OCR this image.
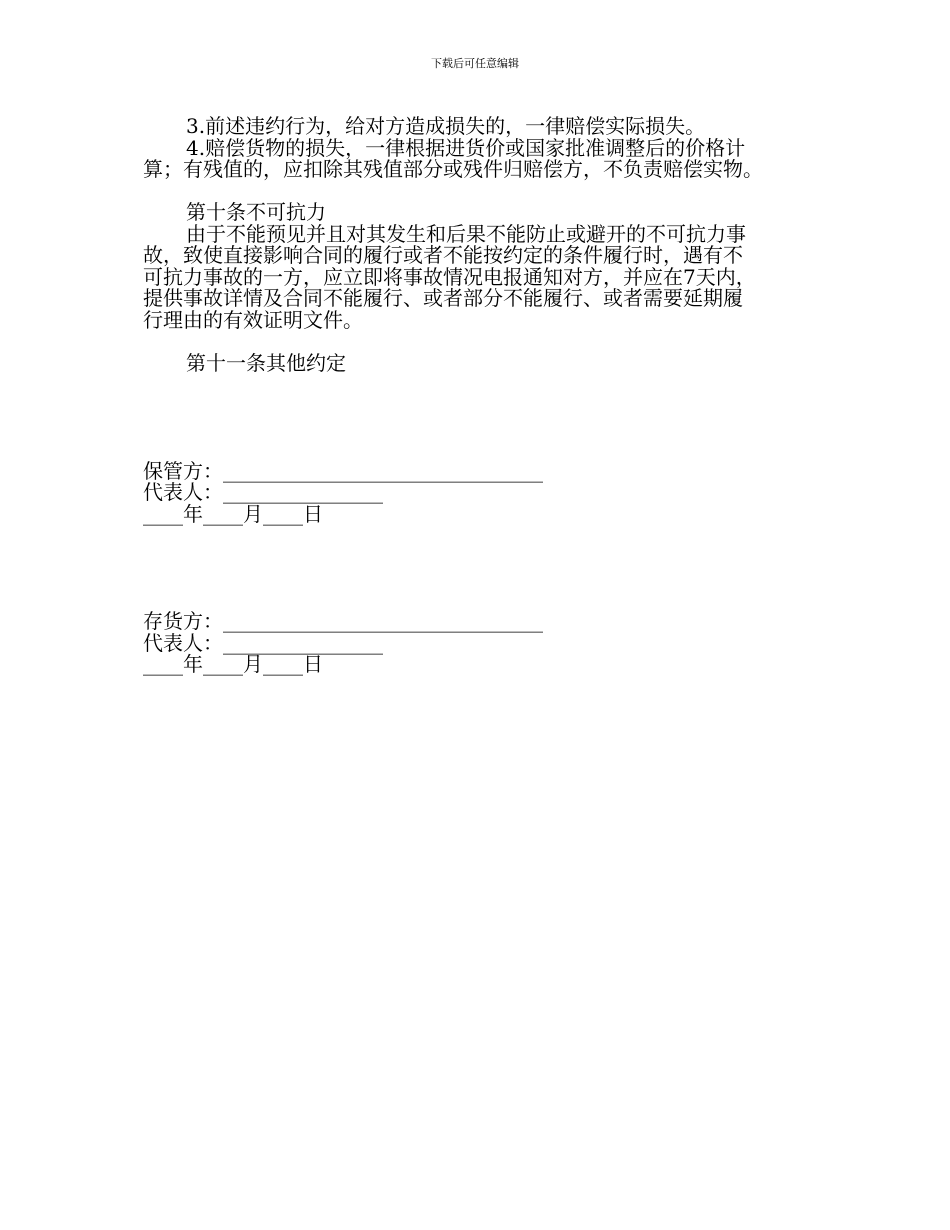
下载后可任意编辑

3.前述违约行为，给对方造成损失的，一律赔偿实际损失。

4.赔偿货物的损失，一律根据进货价或国家批准调整后的价格计

算；有残值的，应扣除其残值部分或残件归赔偿方，不负责赔偿实物。

第十条不可抗力

由于不能预见并且对其发生和后果不能防止或避开的不可抗力事

故，致使直接影响合同的履行或者不能按约定的条件履行时，遇有不

可抗力事故的一方，应立即将事故情况电报通知对方，并应在7天内，

提供事故详情及合同不能履行、或者部分不能履行、或者需要延期履

行理由的有效证明文件。

第十一条其他约定

保管方：________________________________

代表人：________________

____年____月____日

存货方：________________________________

代表人：________________

____年____月____日
